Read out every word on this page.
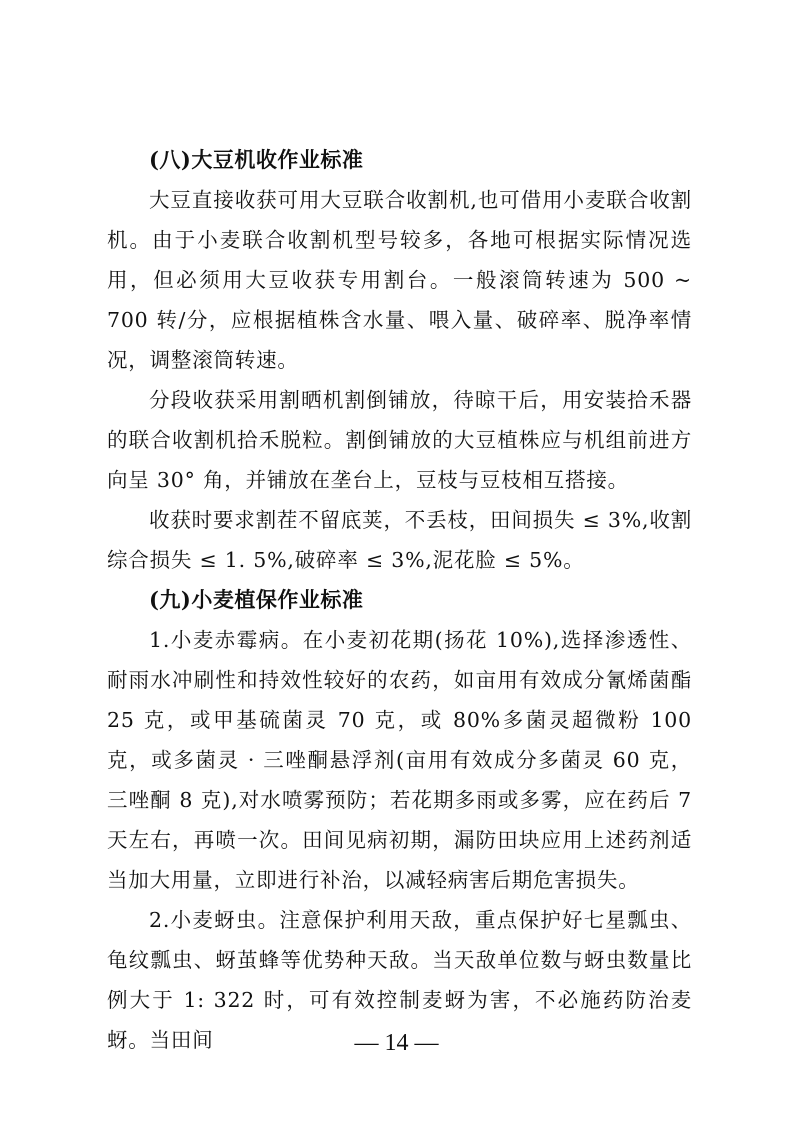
(八)大豆机收作业标准

大豆直接收获可用大豆联合收割机,也可借用小麦联合收割机。由于小麦联合收割机型号较多，各地可根据实际情况选用，但必须用大豆收获专用割台。一般滚筒转速为 500 ~ 700 转/分，应根据植株含水量、喂入量、破碎率、脱净率情况，调整滚筒转速。

分段收获采用割晒机割倒铺放，待晾干后，用安装拾禾器的联合收割机拾禾脱粒。割倒铺放的大豆植株应与机组前进方向呈 30° 角，并铺放在垄台上，豆枝与豆枝相互搭接。

收获时要求割茬不留底荚，不丢枝，田间损失 ≤ 3%,收割综合损失 ≤ 1. 5%,破碎率 ≤ 3%,泥花脸 ≤ 5%。

(九)小麦植保作业标准

1.小麦赤霉病。在小麦初花期(扬花 10%),选择渗透性、耐雨水冲刷性和持效性较好的农药，如亩用有效成分氰烯菌酯 25 克，或甲基硫菌灵 70 克，或 80%多菌灵超微粉 100 克，或多菌灵 · 三唑酮悬浮剂(亩用有效成分多菌灵 60 克， 三唑酮 8 克),对水喷雾预防；若花期多雨或多雾，应在药后 7 天左右，再喷一次。田间见病初期，漏防田块应用上述药剂适当加大用量，立即进行补治，以减轻病害后期危害损失。

2.小麦蚜虫。注意保护利用天敌，重点保护好七星瓢虫、龟纹瓢虫、蚜茧蜂等优势种天敌。当天敌单位数与蚜虫数量比例大于 1: 322 时，可有效控制麦蚜为害，不必施药防治麦蚜。当田间	— 14 —
